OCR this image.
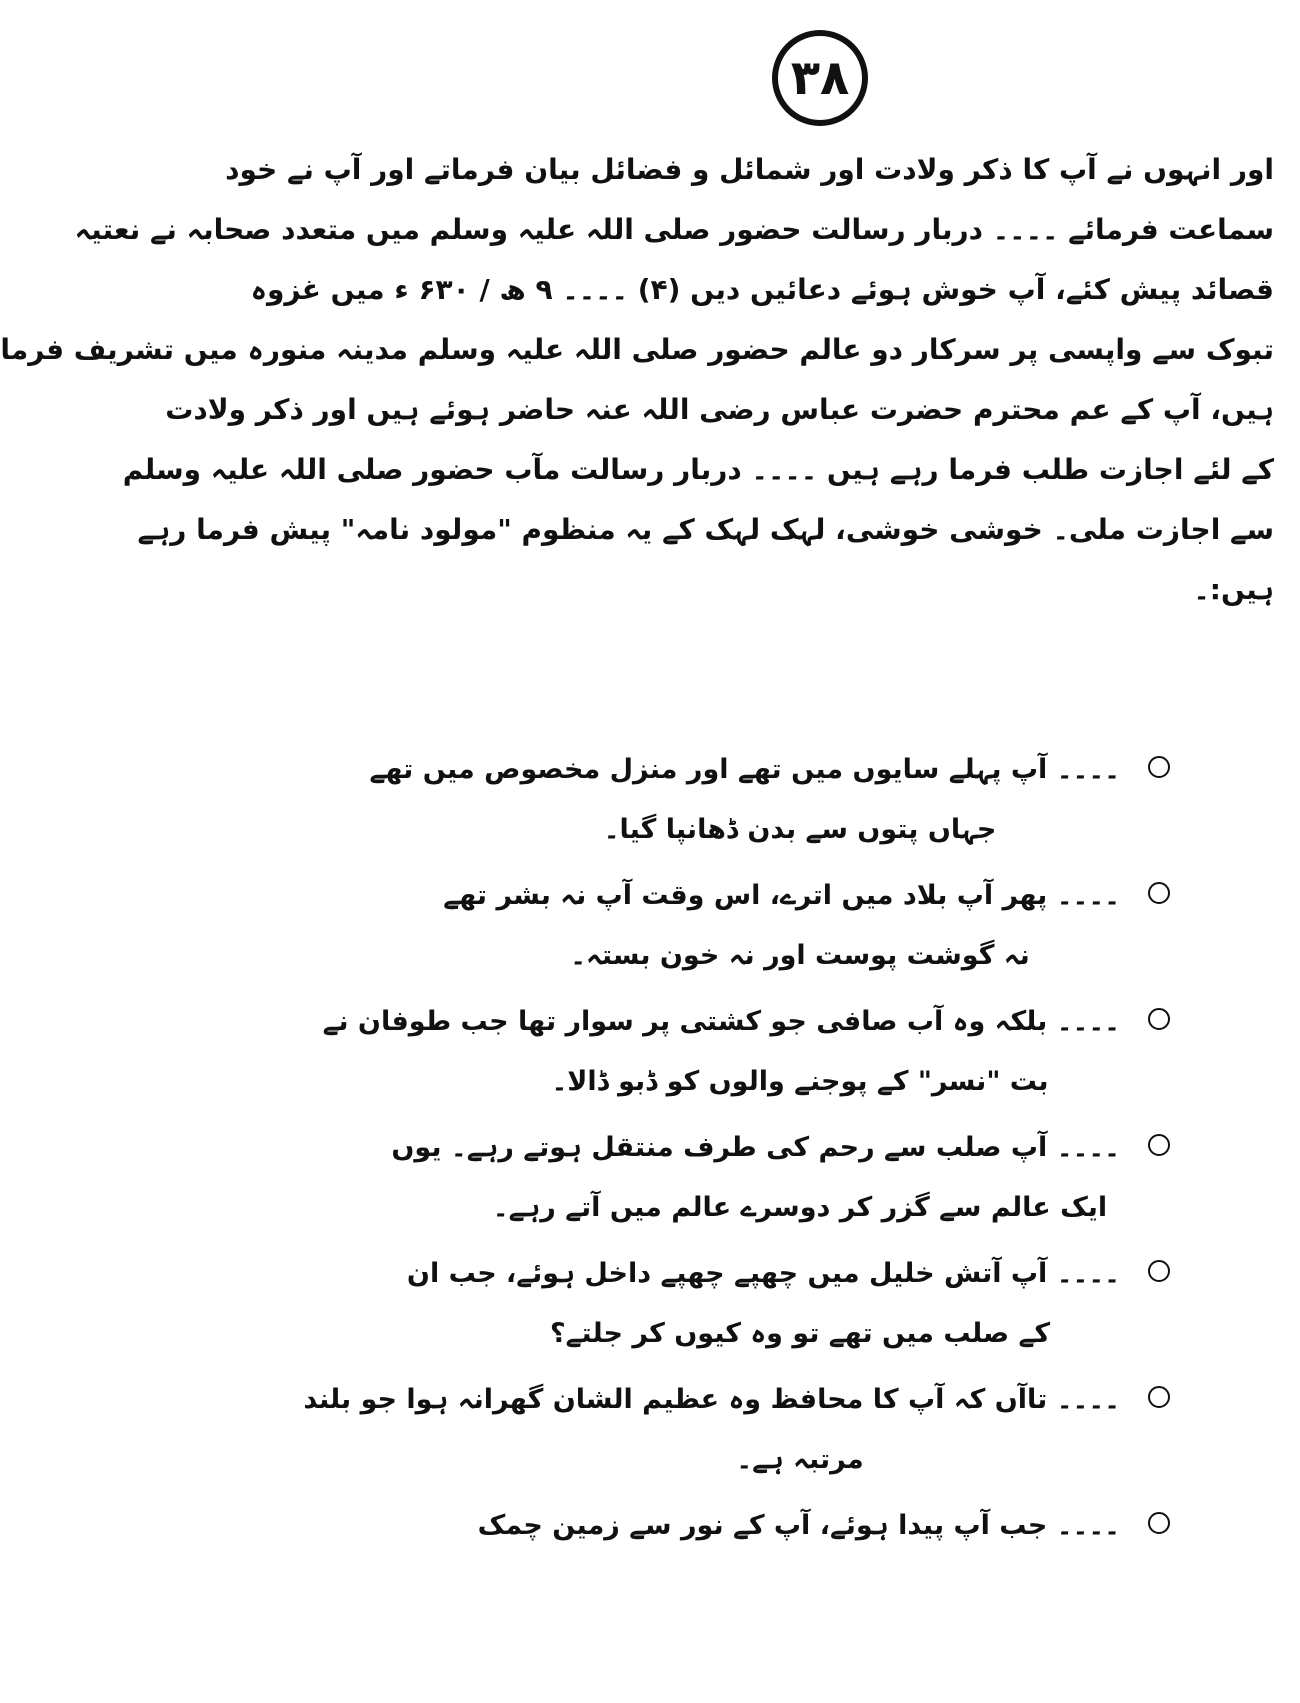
۳۸
اور انہوں نے آپ کا ذکر ولادت اور شمائل و فضائل بیان فرماتے اور آپ نے خود
سماعت فرمائے ۔۔۔۔ دربار رسالت حضور صلی اللہ علیہ وسلم میں متعدد صحابہ نے نعتیہ
قصائد پیش کئے، آپ خوش ہوئے دعائیں دیں (۴) ۔۔۔۔ ۹ ھ / ۶۳۰ ء میں غزوہ
تبوک سے واپسی پر سرکار دو عالم حضور صلی اللہ علیہ وسلم مدینہ منورہ میں تشریف فرما
ہیں، آپ کے عم محترم حضرت عباس رضی اللہ عنہ حاضر ہوئے ہیں اور ذکر ولادت
کے لئے اجازت طلب فرما رہے ہیں ۔۔۔۔ دربار رسالت مآب حضور صلی اللہ علیہ وسلم
سے اجازت ملی۔ خوشی خوشی، لہک لہک کے یہ منظوم "مولود نامہ" پیش فرما رہے
ہیں:۔
۔۔۔۔ آپ پہلے سایوں میں تھے اور منزل مخصوص میں تھے
جہاں پتوں سے بدن ڈھانپا گیا۔
۔۔۔۔ پھر آپ بلاد میں اترے، اس وقت آپ نہ بشر تھے
نہ گوشت پوست اور نہ خون بستہ۔
۔۔۔۔ بلکہ وہ آب صافی جو کشتی پر سوار تھا جب طوفان نے
بت "نسر" کے پوجنے والوں کو ڈبو ڈالا۔
۔۔۔۔ آپ صلب سے رحم کی طرف منتقل ہوتے رہے۔ یوں
ایک عالم سے گزر کر دوسرے عالم میں آتے رہے۔
۔۔۔۔ آپ آتش خلیل میں چھپے چھپے داخل ہوئے، جب ان
کے صلب میں تھے تو وہ کیوں کر جلتے؟
۔۔۔۔ تاآں کہ آپ کا محافظ وہ عظیم الشان گھرانہ ہوا جو بلند
مرتبہ ہے۔
۔۔۔۔ جب آپ پیدا ہوئے، آپ کے نور سے زمین چمک
